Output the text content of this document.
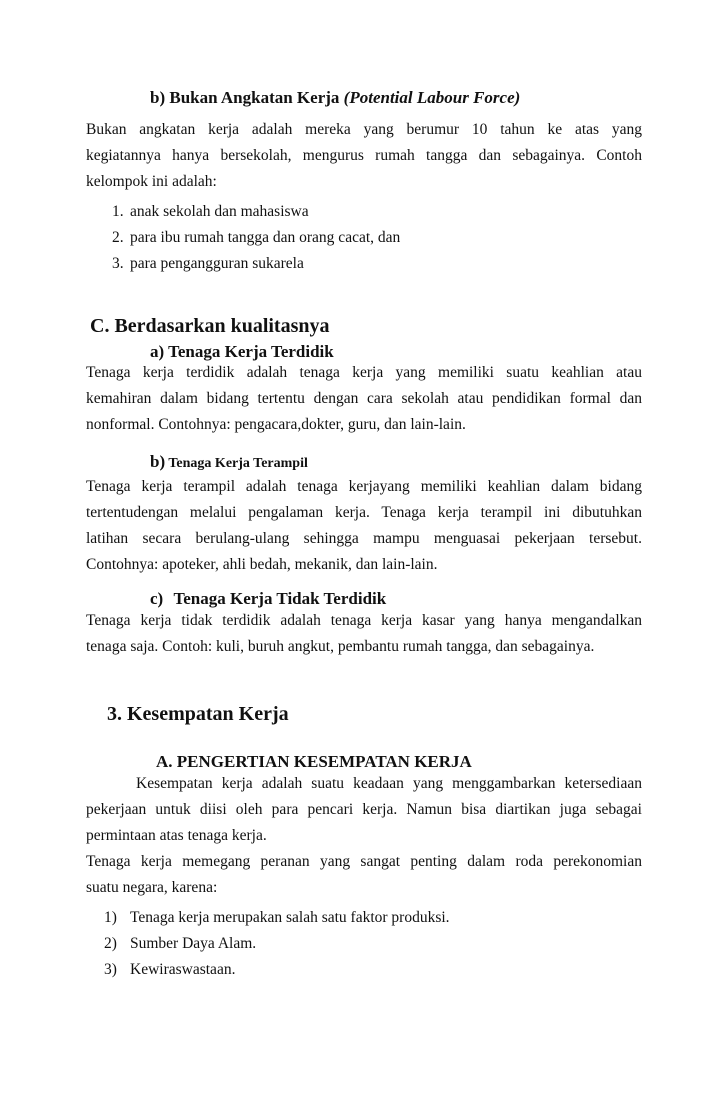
b) Bukan Angkatan Kerja (Potential Labour Force)
Bukan angkatan kerja adalah mereka yang berumur 10 tahun ke atas yang
kegiatannya hanya bersekolah, mengurus rumah tangga dan sebagainya. Contoh
kelompok ini adalah:
1. anak sekolah dan mahasiswa
2. para ibu rumah tangga dan orang cacat, dan
3. para pengangguran sukarela
C. Berdasarkan kualitasnya
a) Tenaga Kerja Terdidik
Tenaga kerja terdidik adalah tenaga kerja yang memiliki suatu keahlian atau
kemahiran dalam bidang tertentu dengan cara sekolah atau pendidikan formal dan
nonformal. Contohnya: pengacara,dokter, guru, dan lain-lain.
b) Tenaga Kerja Terampil
Tenaga kerja terampil adalah tenaga kerjayang memiliki keahlian dalam bidang
tertentudengan melalui pengalaman kerja. Tenaga kerja terampil ini dibutuhkan
latihan secara berulang-ulang sehingga mampu menguasai pekerjaan tersebut.
Contohnya: apoteker, ahli bedah, mekanik, dan lain-lain.
c) Tenaga Kerja Tidak Terdidik
Tenaga kerja tidak terdidik adalah tenaga kerja kasar yang hanya mengandalkan
tenaga saja. Contoh: kuli, buruh angkut, pembantu rumah tangga, dan sebagainya.
3. Kesempatan Kerja
A. PENGERTIAN KESEMPATAN KERJA
Kesempatan kerja adalah suatu keadaan yang menggambarkan ketersediaan
pekerjaan untuk diisi oleh para pencari kerja. Namun bisa diartikan juga sebagai
permintaan atas tenaga kerja.
Tenaga kerja memegang peranan yang sangat penting dalam roda perekonomian
suatu negara, karena:
1) Tenaga kerja merupakan salah satu faktor produksi.
2) Sumber Daya Alam.
3) Kewiraswastaan.
